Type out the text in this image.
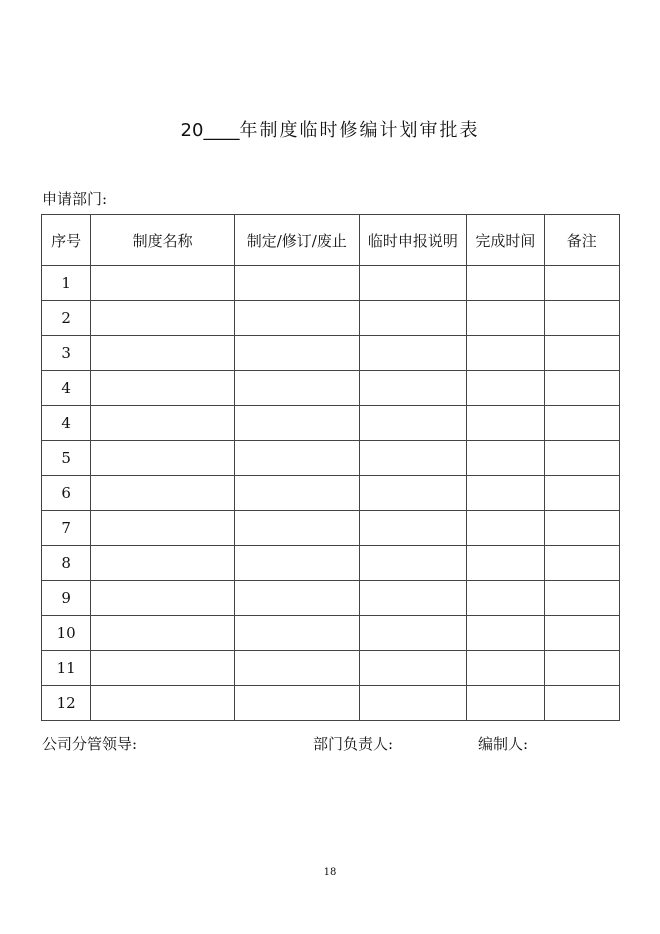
20____年制度临时修编计划审批表
申请部门:
序号	制度名称	制定/修订/废止	临时申报说明	完成时间	备注
1					
2					
3					
4					
4					
5					
6					
7					
8					
9					
10					
11					
12					
公司分管领导:	部门负责人:	编制人:
18
